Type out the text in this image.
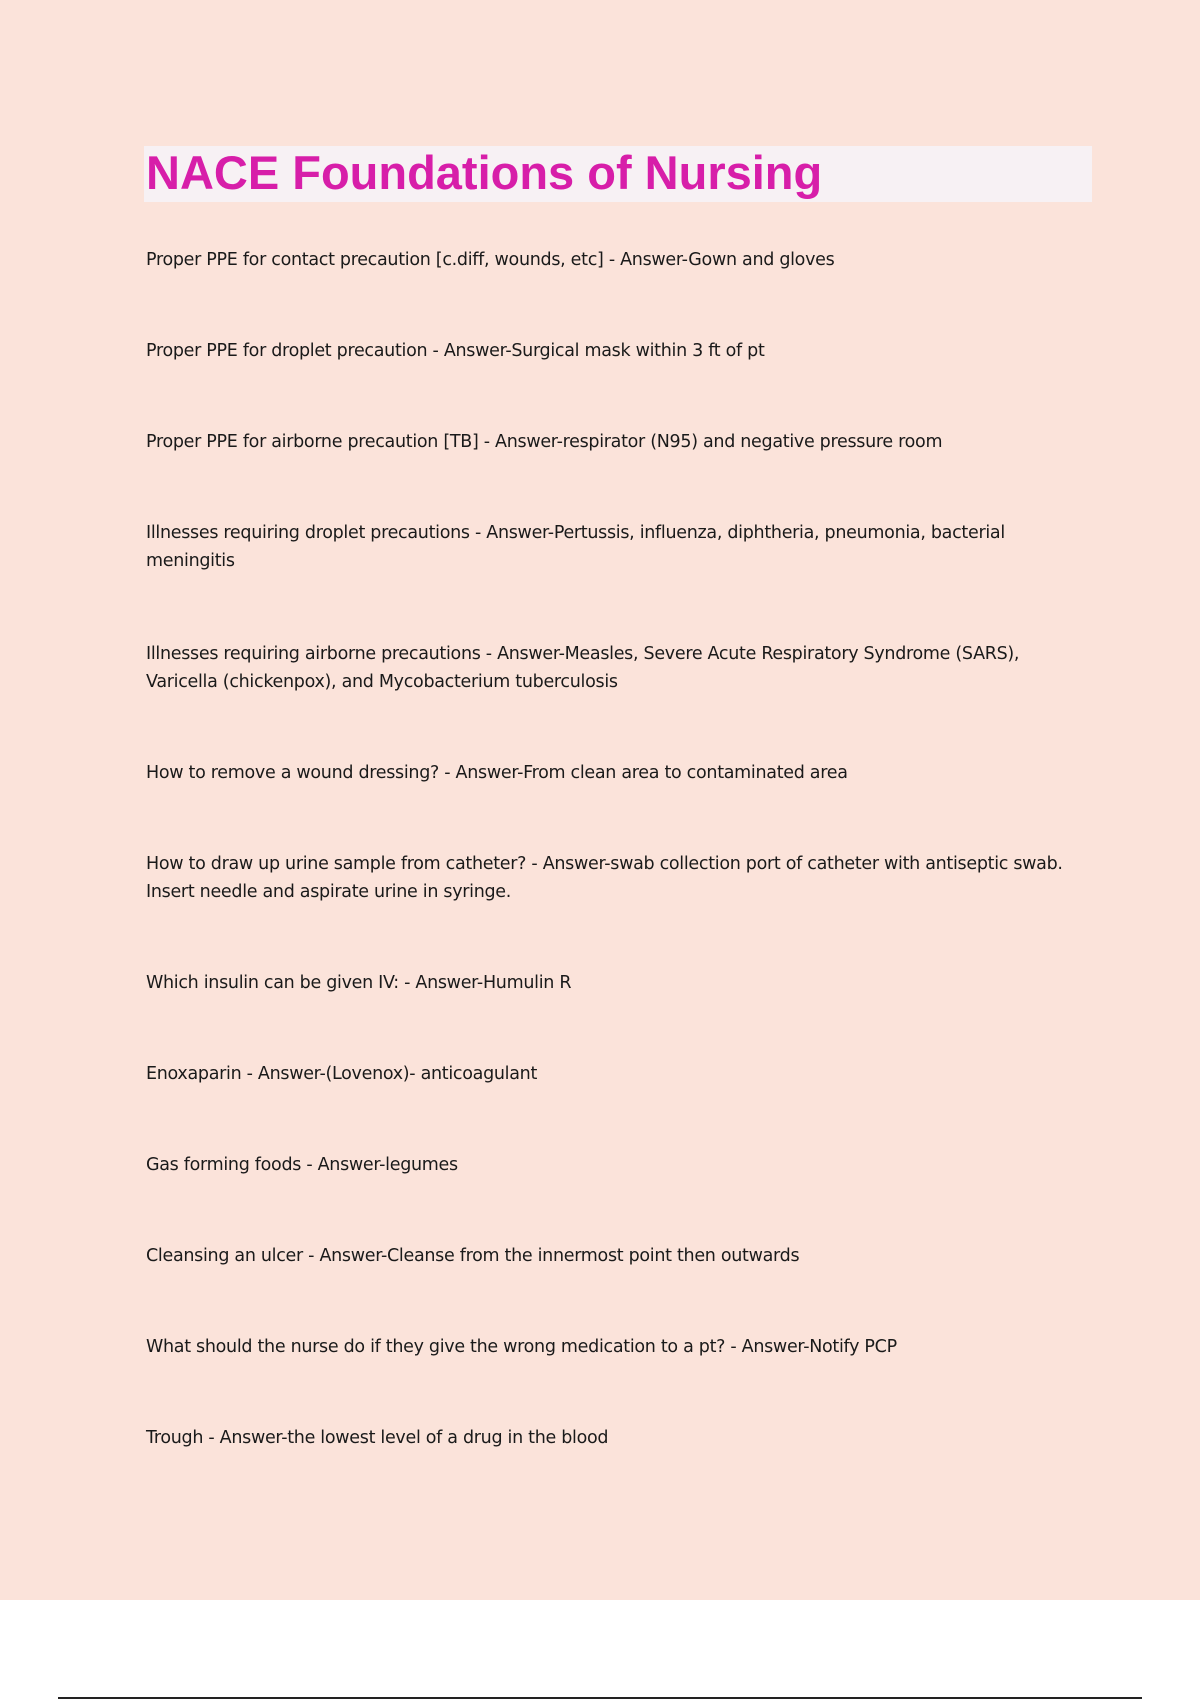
NACE Foundations of Nursing
Proper PPE for contact precaution [c.diff, wounds, etc] - Answer-Gown and gloves
Proper PPE for droplet precaution - Answer-Surgical mask within 3 ft of pt
Proper PPE for airborne precaution [TB] - Answer-respirator (N95) and negative pressure room
Illnesses requiring droplet precautions - Answer-Pertussis, influenza, diphtheria, pneumonia, bacterial meningitis
Illnesses requiring airborne precautions - Answer-Measles, Severe Acute Respiratory Syndrome (SARS), Varicella (chickenpox), and Mycobacterium tuberculosis
How to remove a wound dressing? - Answer-From clean area to contaminated area
How to draw up urine sample from catheter? - Answer-swab collection port of catheter with antiseptic swab. Insert needle and aspirate urine in syringe.
Which insulin can be given IV: - Answer-Humulin R
Enoxaparin - Answer-(Lovenox)- anticoagulant
Gas forming foods - Answer-legumes
Cleansing an ulcer - Answer-Cleanse from the innermost point then outwards
What should the nurse do if they give the wrong medication to a pt? - Answer-Notify PCP
Trough - Answer-the lowest level of a drug in the blood
